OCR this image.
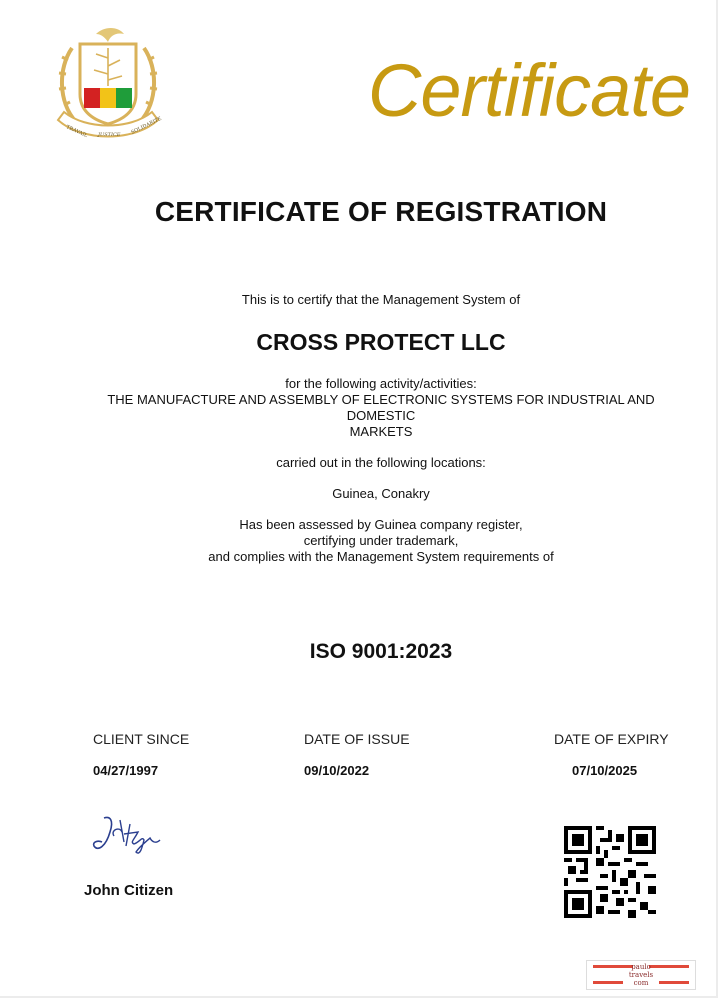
TRAVAIL JUSTICE SOLIDARITE	Certificate
CERTIFICATE OF REGISTRATION
This is to certify that the Management System of
CROSS PROTECT LLC
for the following activity/activities:
THE MANUFACTURE AND ASSEMBLY OF ELECTRONIC SYSTEMS FOR INDUSTRIAL AND
DOMESTIC
MARKETS
carried out in the following locations:
Guinea, Conakry
Has been assessed by Guinea company register,
certifying under trademark,
and complies with the Management System requirements of
ISO 9001:2023
CLIENT SINCE
04/27/1997
DATE OF ISSUE
09/10/2022
DATE OF EXPIRY
07/10/2025
John Citizen
paulo
travels
com
